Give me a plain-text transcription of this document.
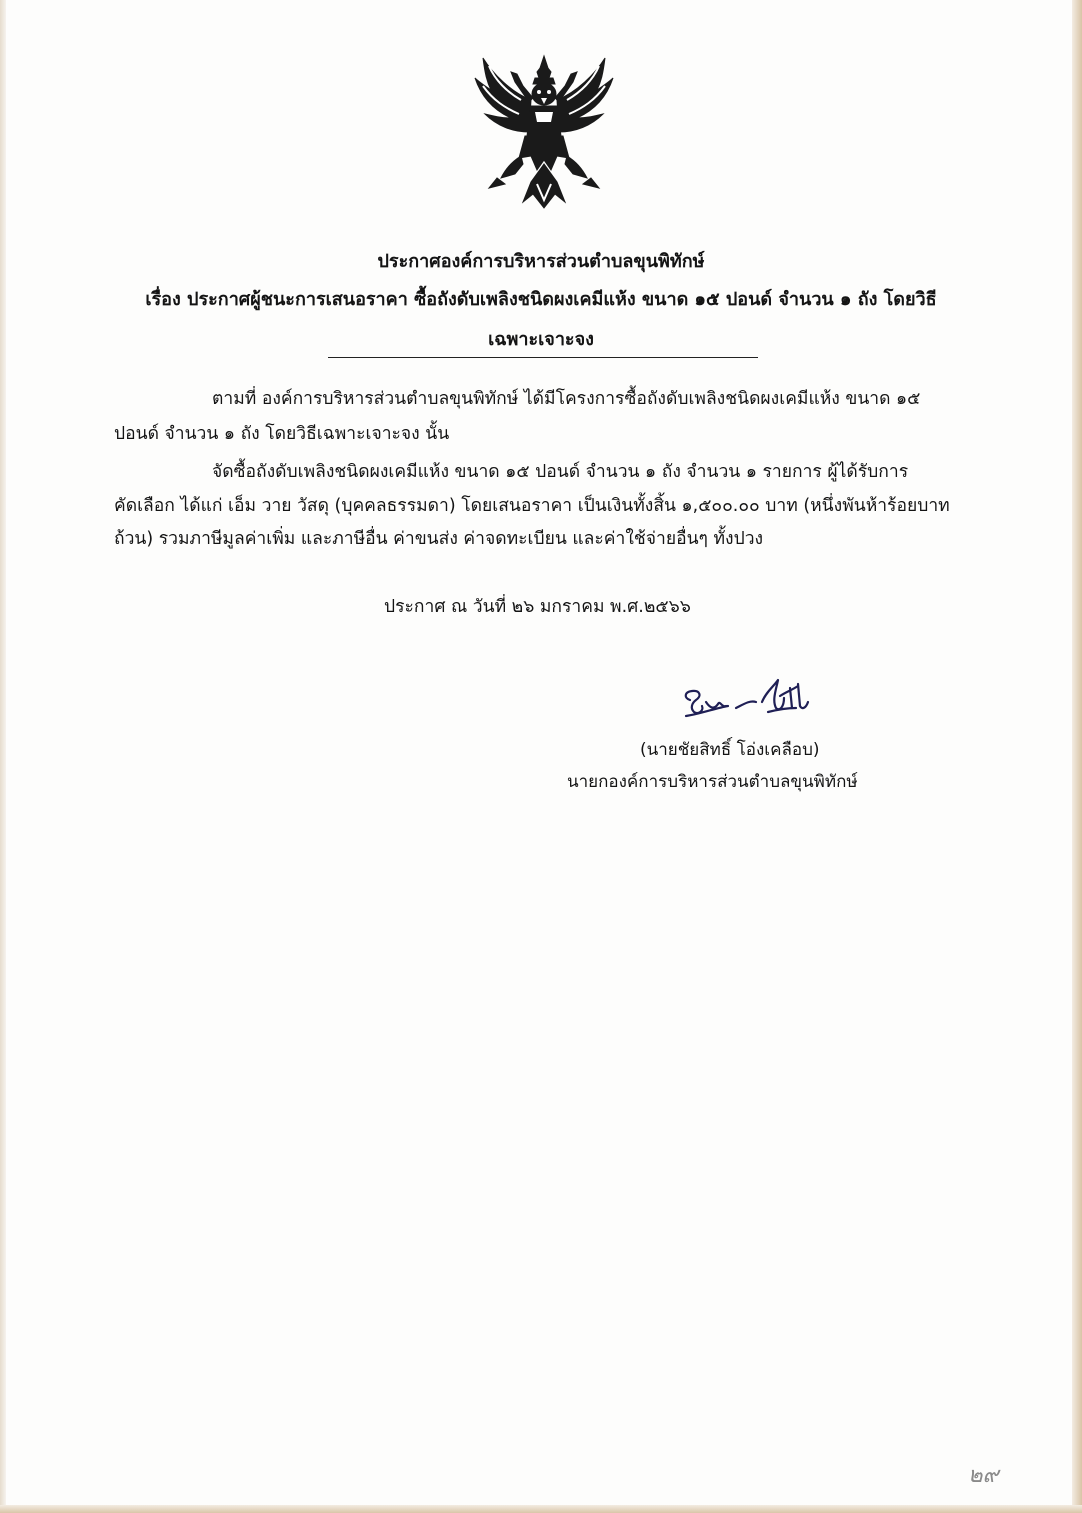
ประกาศองค์การบริหารส่วนตำบลขุนพิทักษ์
เรื่อง ประกาศผู้ชนะการเสนอราคา ซื้อถังดับเพลิงชนิดผงเคมีแห้ง ขนาด ๑๕ ปอนด์ จำนวน ๑ ถัง โดยวิธี
เฉพาะเจาะจง
ตามที่ องค์การบริหารส่วนตำบลขุนพิทักษ์ ได้มีโครงการซื้อถังดับเพลิงชนิดผงเคมีแห้ง ขนาด ๑๕
ปอนด์ จำนวน ๑ ถัง โดยวิธีเฉพาะเจาะจง นั้น
จัดซื้อถังดับเพลิงชนิดผงเคมีแห้ง ขนาด ๑๕ ปอนด์ จำนวน ๑ ถัง จำนวน ๑ รายการ ผู้ได้รับการ
คัดเลือก ได้แก่ เอ็ม วาย วัสดุ (บุคคลธรรมดา) โดยเสนอราคา เป็นเงินทั้งสิ้น ๑,๕๐๐.๐๐ บาท (หนึ่งพันห้าร้อยบาท
ถ้วน) รวมภาษีมูลค่าเพิ่ม และภาษีอื่น ค่าขนส่ง ค่าจดทะเบียน และค่าใช้จ่ายอื่นๆ ทั้งปวง
ประกาศ ณ วันที่ ๒๖ มกราคม พ.ศ.๒๕๖๖
(นายชัยสิทธิ์ โอ่งเคลือบ)
นายกองค์การบริหารส่วนตำบลขุนพิทักษ์
๒๙
